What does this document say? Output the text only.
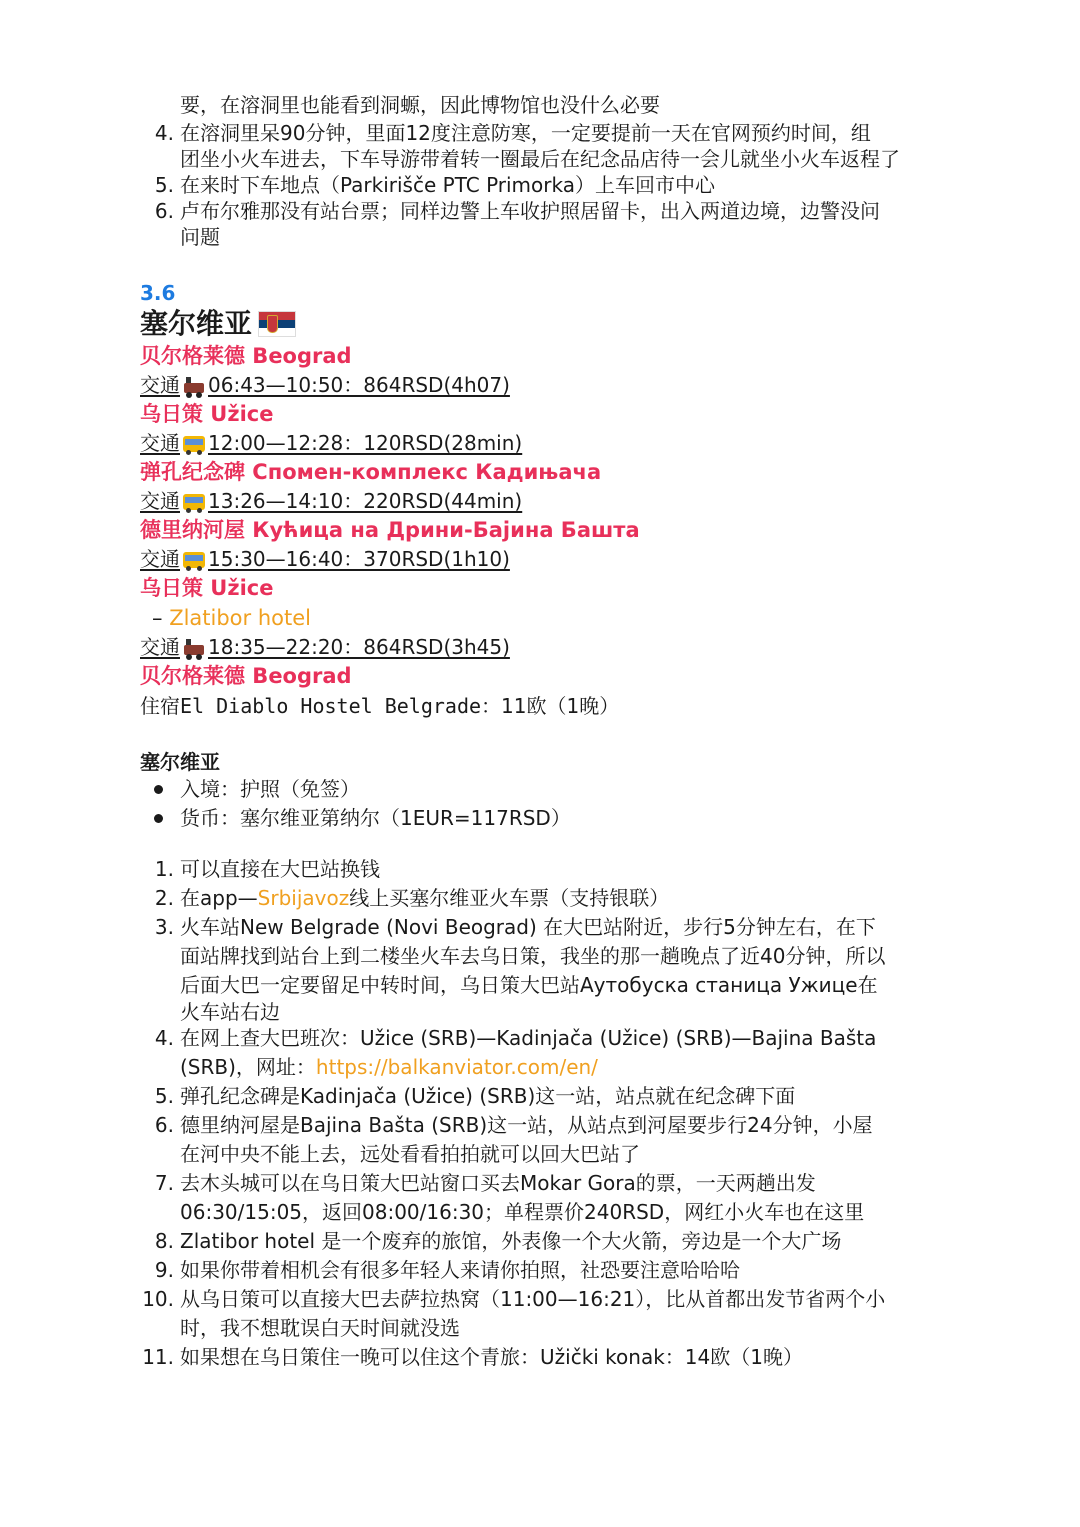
要，在溶洞里也能看到洞螈，因此博物馆也没什么必要
4. 在溶洞里呆90分钟，里面12度注意防寒，一定要提前一天在官网预约时间，组
团坐小火车进去，下车导游带着转一圈最后在纪念品店待一会儿就坐小火车返程了
5. 在来时下车地点（Parkirišče PTC Primorka）上车回市中心
6. 卢布尔雅那没有站台票；同样边警上车收护照居留卡，出入两道边境，边警没问
问题
3.6
塞尔维亚
贝尔格莱德 Beograd
交通 06:43—10:50：864RSD(4h07)
乌日策 Užice
交通 12:00—12:28：120RSD(28min)
弹孔纪念碑 Спомен-комплекс Кадињача
交通 13:26—14:10：220RSD(44min)
德里纳河屋 Кућица на Дрини-Бајина Башта
交通 15:30—16:40：370RSD(1h10)
乌日策 Užice
– Zlatibor hotel
交通 18:35—22:20：864RSD(3h45)
贝尔格莱德 Beograd
住宿El Diablo Hostel Belgrade：11欧（1晚）
塞尔维亚
入境：护照（免签）
货币：塞尔维亚第纳尔（1EUR=117RSD）
1. 可以直接在大巴站换钱
2. 在app—Srbijavoz线上买塞尔维亚火车票（支持银联）
3. 火车站New Belgrade (Novi Beograd) 在大巴站附近，步行5分钟左右，在下
面站牌找到站台上到二楼坐火车去乌日策，我坐的那一趟晚点了近40分钟，所以
后面大巴一定要留足中转时间，乌日策大巴站Аутобуска станица Ужице在
火车站右边
4. 在网上查大巴班次：Užice (SRB)—Kadinjača (Užice) (SRB)—Bajina Bašta
(SRB)，网址：https://balkanviator.com/en/
5. 弹孔纪念碑是Kadinjača (Užice) (SRB)这一站，站点就在纪念碑下面
6. 德里纳河屋是Bajina Bašta (SRB)这一站，从站点到河屋要步行24分钟，小屋
在河中央不能上去，远处看看拍拍就可以回大巴站了
7. 去木头城可以在乌日策大巴站窗口买去Mokar Gora的票，一天两趟出发
06:30/15:05，返回08:00/16:30；单程票价240RSD，网红小火车也在这里
8. Zlatibor hotel 是一个废弃的旅馆，外表像一个大火箭，旁边是一个大广场
9. 如果你带着相机会有很多年轻人来请你拍照，社恐要注意哈哈哈
10. 从乌日策可以直接大巴去萨拉热窝（11:00—16:21），比从首都出发节省两个小
时，我不想耽误白天时间就没选
11. 如果想在乌日策住一晚可以住这个青旅：Užički konak：14欧（1晚）
